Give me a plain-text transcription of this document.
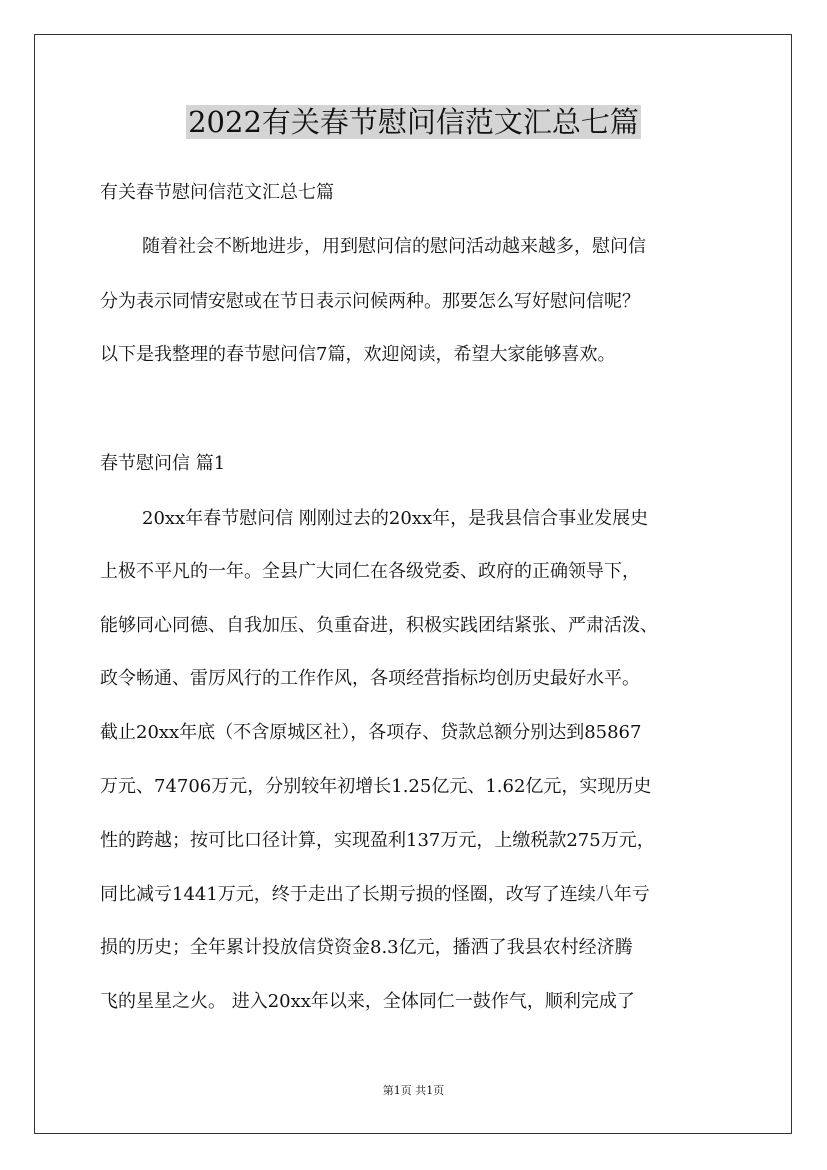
2022有关春节慰问信范文汇总七篇

有关春节慰问信范文汇总七篇

随着社会不断地进步，用到慰问信的慰问活动越来越多，慰问信

分为表示同情安慰或在节日表示问候两种。那要怎么写好慰问信呢？

以下是我整理的春节慰问信7篇，欢迎阅读，希望大家能够喜欢。

春节慰问信 篇1

20xx年春节慰问信 刚刚过去的20xx年，是我县信合事业发展史

上极不平凡的一年。全县广大同仁在各级党委、政府的正确领导下，

能够同心同德、自我加压、负重奋进，积极实践团结紧张、严肃活泼、

政令畅通、雷厉风行的工作作风，各项经营指标均创历史最好水平。

截止20xx年底（不含原城区社），各项存、贷款总额分别达到85867

万元、74706万元，分别较年初增长1.25亿元、1.62亿元，实现历史

性的跨越；按可比口径计算，实现盈利137万元，上缴税款275万元，

同比减亏1441万元，终于走出了长期亏损的怪圈，改写了连续八年亏

损的历史；全年累计投放信贷资金8.3亿元，播洒了我县农村经济腾

飞的星星之火。 进入20xx年以来，全体同仁一鼓作气，顺利完成了

第1页 共1页
